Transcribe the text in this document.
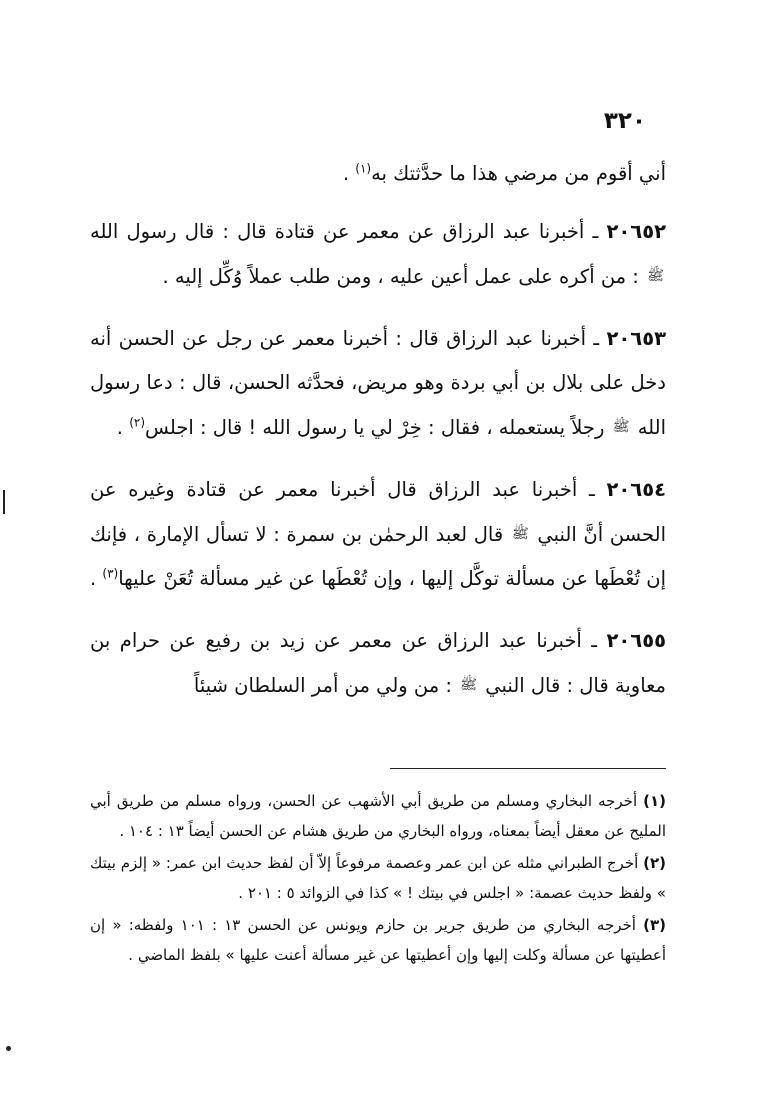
٣٢٠

أني أقوم من مرضي هذا ما حدَّثتك به$^{(١)}$ .

٢٠٦٥٢ ـ أخبرنا عبد الرزاق عن معمر عن قتادة قال : قال رسول الله ﷺ : من أكره على عمل أعين عليه ، ومن طلب عملاً وُكِّل إليه .

٢٠٦٥٣ ـ أخبرنا عبد الرزاق قال : أخبرنا معمر عن رجل عن الحسن أنه دخل على بلال بن أبي بردة وهو مريض، فحدَّثه الحسن، قال : دعا رسول الله ﷺ رجلاً يستعمله ، فقال : خِرْ لي يا رسول الله ! قال : اجلس$^{(٢)}$ .

٢٠٦٥٤ ـ أخبرنا عبد الرزاق قال أخبرنا معمر عن قتادة وغيره عن الحسن أنَّ النبي ﷺ قال لعبد الرحمٰن بن سمرة : لا تسأل الإمارة ، فإنك إن تُعْطَها عن مسألة توكَّل إليها ، وإن تُعْطَها عن غير مسألة تُعَنْ عليها$^{(٣)}$ .

٢٠٦٥٥ ـ أخبرنا عبد الرزاق عن معمر عن زيد بن رفيع عن حرام بن معاوية قال : قال النبي ﷺ : من ولي من أمر السلطان شيئاً

(١) أخرجه البخاري ومسلم من طريق أبي الأشهب عن الحسن، ورواه مسلم من طريق أبي المليح عن معقل أيضاً بمعناه، ورواه البخاري من طريق هشام عن الحسن أيضاً ١٣ : ١٠٤ .

(٢) أخرج الطبراني مثله عن ابن عمر وعصمة مرفوعاً إلاّ أن لفظ حديث ابن عمر: « إلزم بيتك » ولفظ حديث عصمة: « اجلس في بيتك ! » كذا في الزوائد ٥ : ٢٠١ .

(٣) أخرجه البخاري من طريق جرير بن حازم ويونس عن الحسن ١٣ : ١٠١ ولفظه: « إن أعطيتها عن مسألة وكلت إليها وإن أعطيتها عن غير مسألة أعنت عليها » بلفظ الماضي .
